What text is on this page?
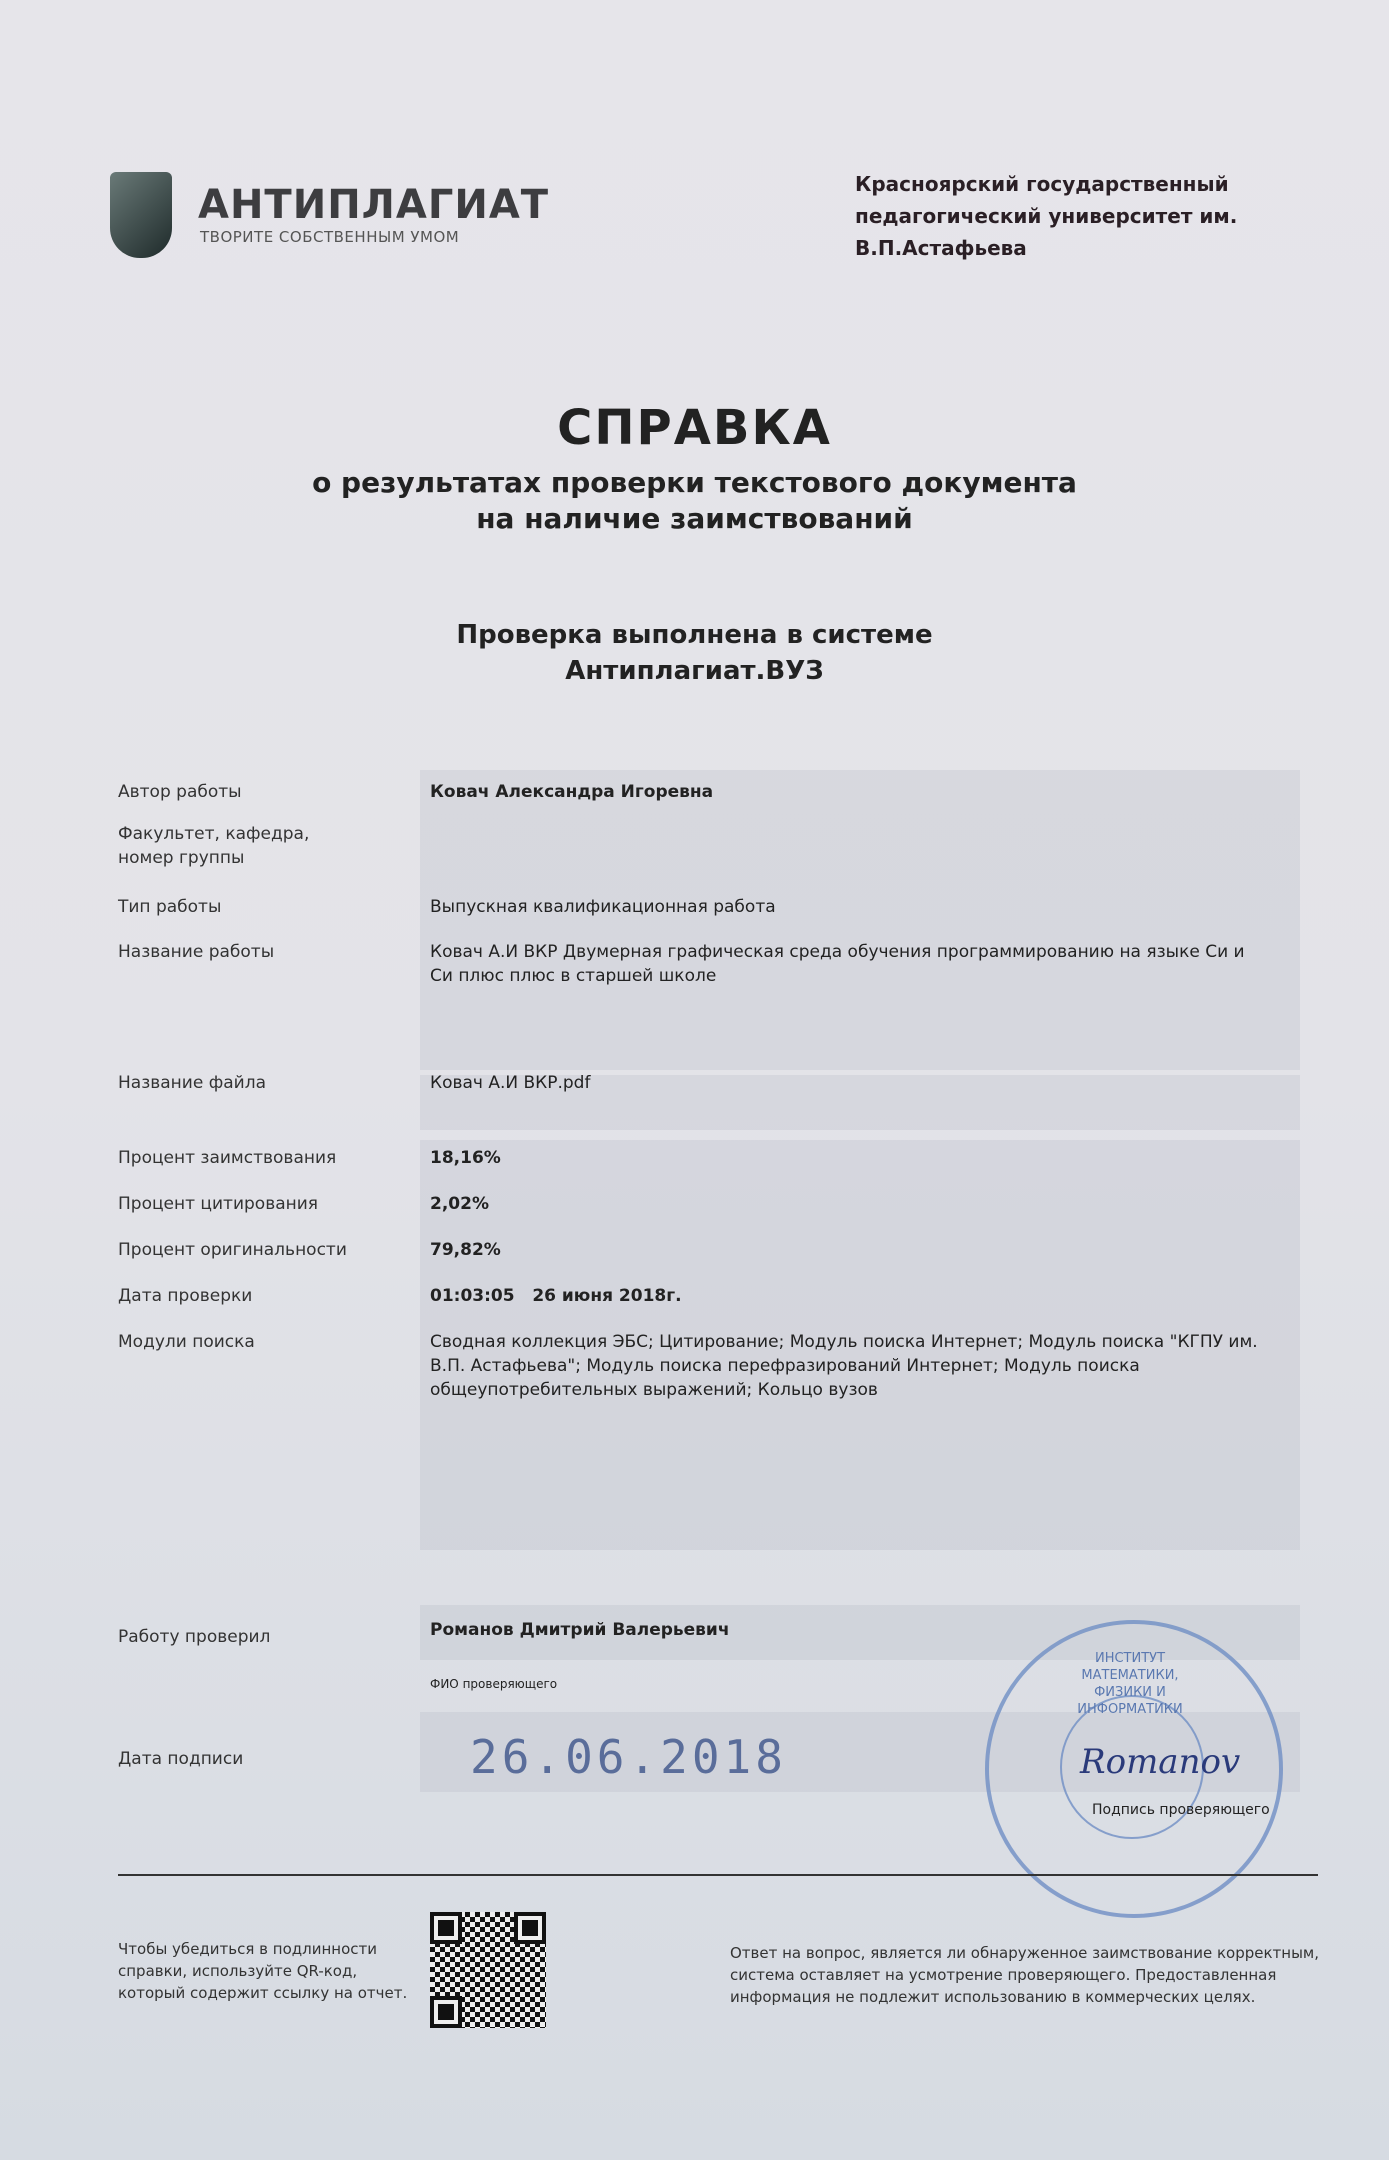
АНТИПЛАГИАТ
ТВОРИТЕ СОБСТВЕННЫМ УМОМ
Красноярский государственный
педагогический университет им.
В.П.Астафьева
СПРАВКА
о результатах проверки текстового документа
на наличие заимствований
Проверка выполнена в системе
Антиплагиат.ВУЗ
Автор работы	Ковач Александра Игоревна
Факультет, кафедра, номер группы
Тип работы	Выпускная квалификационная работа
Название работы	Ковач А.И ВКР Двумерная графическая среда обучения программированию на языке Си и Си плюс плюс в старшей школе
Название файла	Ковач А.И ВКР.pdf
Процент заимствования	18,16%
Процент цитирования	2,02%
Процент оригинальности	79,82%
Дата проверки	01:03:05   26 июня 2018г.
Модули поиска	Сводная коллекция ЭБС; Цитирование; Модуль поиска Интернет; Модуль поиска "КГПУ им. В.П. Астафьева"; Модуль поиска перефразирований Интернет; Модуль поиска общеупотребительных выражений; Кольцо вузов
Работу проверил	Романов Дмитрий Валерьевич
ФИО проверяющего
Дата подписи	26.06.2018
ИНСТИТУТ МАТЕМАТИКИ, ФИЗИКИ И ИНФОРМАТИКИ
Romanov
Подпись проверяющего
Чтобы убедиться в подлинности справки, используйте QR-код, который содержит ссылку на отчет.
Ответ на вопрос, является ли обнаруженное заимствование корректным, система оставляет на усмотрение проверяющего. Предоставленная информация не подлежит использованию в коммерческих целях.
